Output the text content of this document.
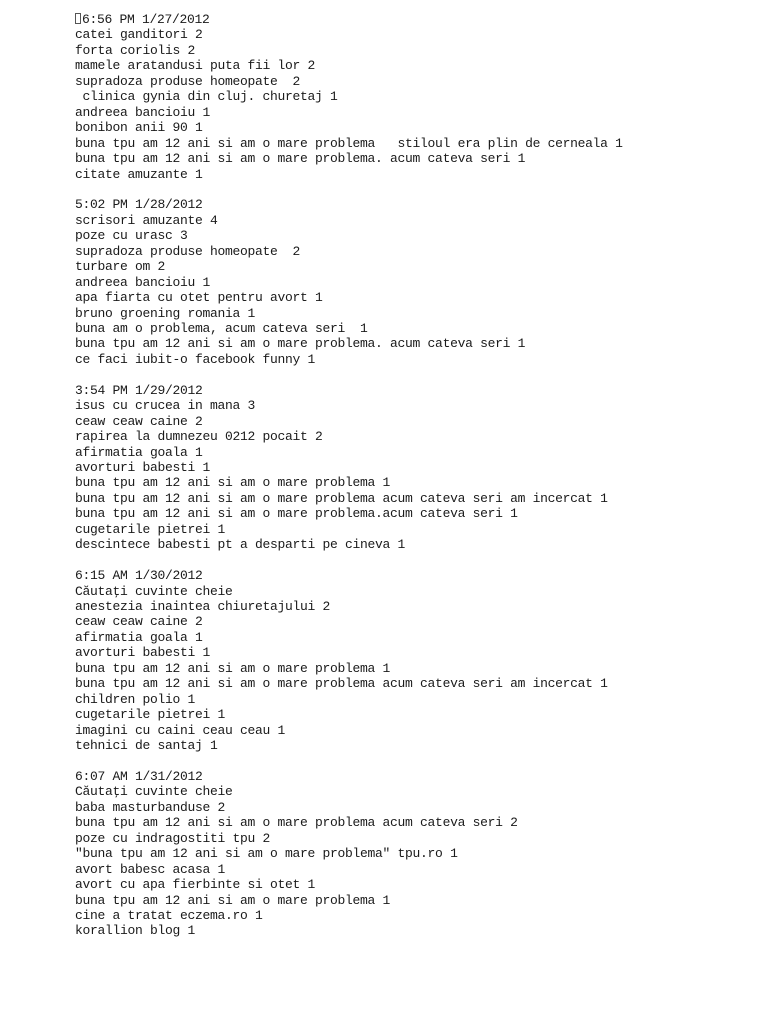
6:56 PM 1/27/2012
catei ganditori 2
forta coriolis 2
mamele aratandusi puta fii lor 2
supradoza produse homeopate  2
clinica gynia din cluj. churetaj 1
andreea bancioiu 1
bonibon anii 90 1
buna tpu am 12 ani si am o mare problema   stiloul era plin de cerneala 1
buna tpu am 12 ani si am o mare problema. acum cateva seri 1
citate amuzante 1
5:02 PM 1/28/2012
scrisori amuzante 4
poze cu urasc 3
supradoza produse homeopate  2
turbare om 2
andreea bancioiu 1
apa fiarta cu otet pentru avort 1
bruno groening romania 1
buna am o problema, acum cateva seri  1
buna tpu am 12 ani si am o mare problema. acum cateva seri 1
ce faci iubit-o facebook funny 1
3:54 PM 1/29/2012
isus cu crucea in mana 3
ceaw ceaw caine 2
rapirea la dumnezeu 0212 pocait 2
afirmatia goala 1
avorturi babesti 1
buna tpu am 12 ani si am o mare problema 1
buna tpu am 12 ani si am o mare problema acum cateva seri am incercat 1
buna tpu am 12 ani si am o mare problema.acum cateva seri 1
cugetarile pietrei 1
descintece babesti pt a desparti pe cineva 1
6:15 AM 1/30/2012
Căutaţi cuvinte cheie
anestezia inaintea chiuretajului 2
ceaw ceaw caine 2
afirmatia goala 1
avorturi babesti 1
buna tpu am 12 ani si am o mare problema 1
buna tpu am 12 ani si am o mare problema acum cateva seri am incercat 1
children polio 1
cugetarile pietrei 1
imagini cu caini ceau ceau 1
tehnici de santaj 1
6:07 AM 1/31/2012
Căutaţi cuvinte cheie
baba masturbanduse 2
buna tpu am 12 ani si am o mare problema acum cateva seri 2
poze cu indragostiti tpu 2
"buna tpu am 12 ani si am o mare problema" tpu.ro 1
avort babesc acasa 1
avort cu apa fierbinte si otet 1
buna tpu am 12 ani si am o mare problema 1
cine a tratat eczema.ro 1
korallion blog 1
